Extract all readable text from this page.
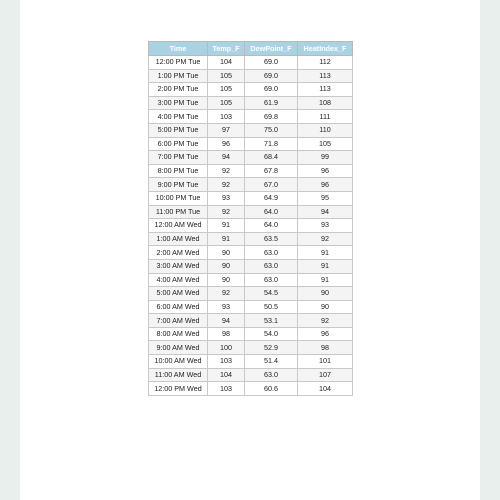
Time	Temp_F	DewPoint_F	HeatIndex_F
12:00 PM Tue	104	69.0	112
1:00 PM Tue	105	69.0	113
2:00 PM Tue	105	69.0	113
3:00 PM Tue	105	61.9	108
4:00 PM Tue	103	69.8	111
5:00 PM Tue	97	75.0	110
6:00 PM Tue	96	71.8	105
7:00 PM Tue	94	68.4	99
8:00 PM Tue	92	67.8	96
9:00 PM Tue	92	67.0	96
10:00 PM Tue	93	64.9	95
11:00 PM Tue	92	64.0	94
12:00 AM Wed	91	64.0	93
1:00 AM Wed	91	63.5	92
2:00 AM Wed	90	63.0	91
3:00 AM Wed	90	63.0	91
4:00 AM Wed	90	63.0	91
5:00 AM Wed	92	54.5	90
6:00 AM Wed	93	50.5	90
7:00 AM Wed	94	53.1	92
8:00 AM Wed	98	54.0	96
9:00 AM Wed	100	52.9	98
10:00 AM Wed	103	51.4	101
11:00 AM Wed	104	63.0	107
12:00 PM Wed	103	60.6	104
